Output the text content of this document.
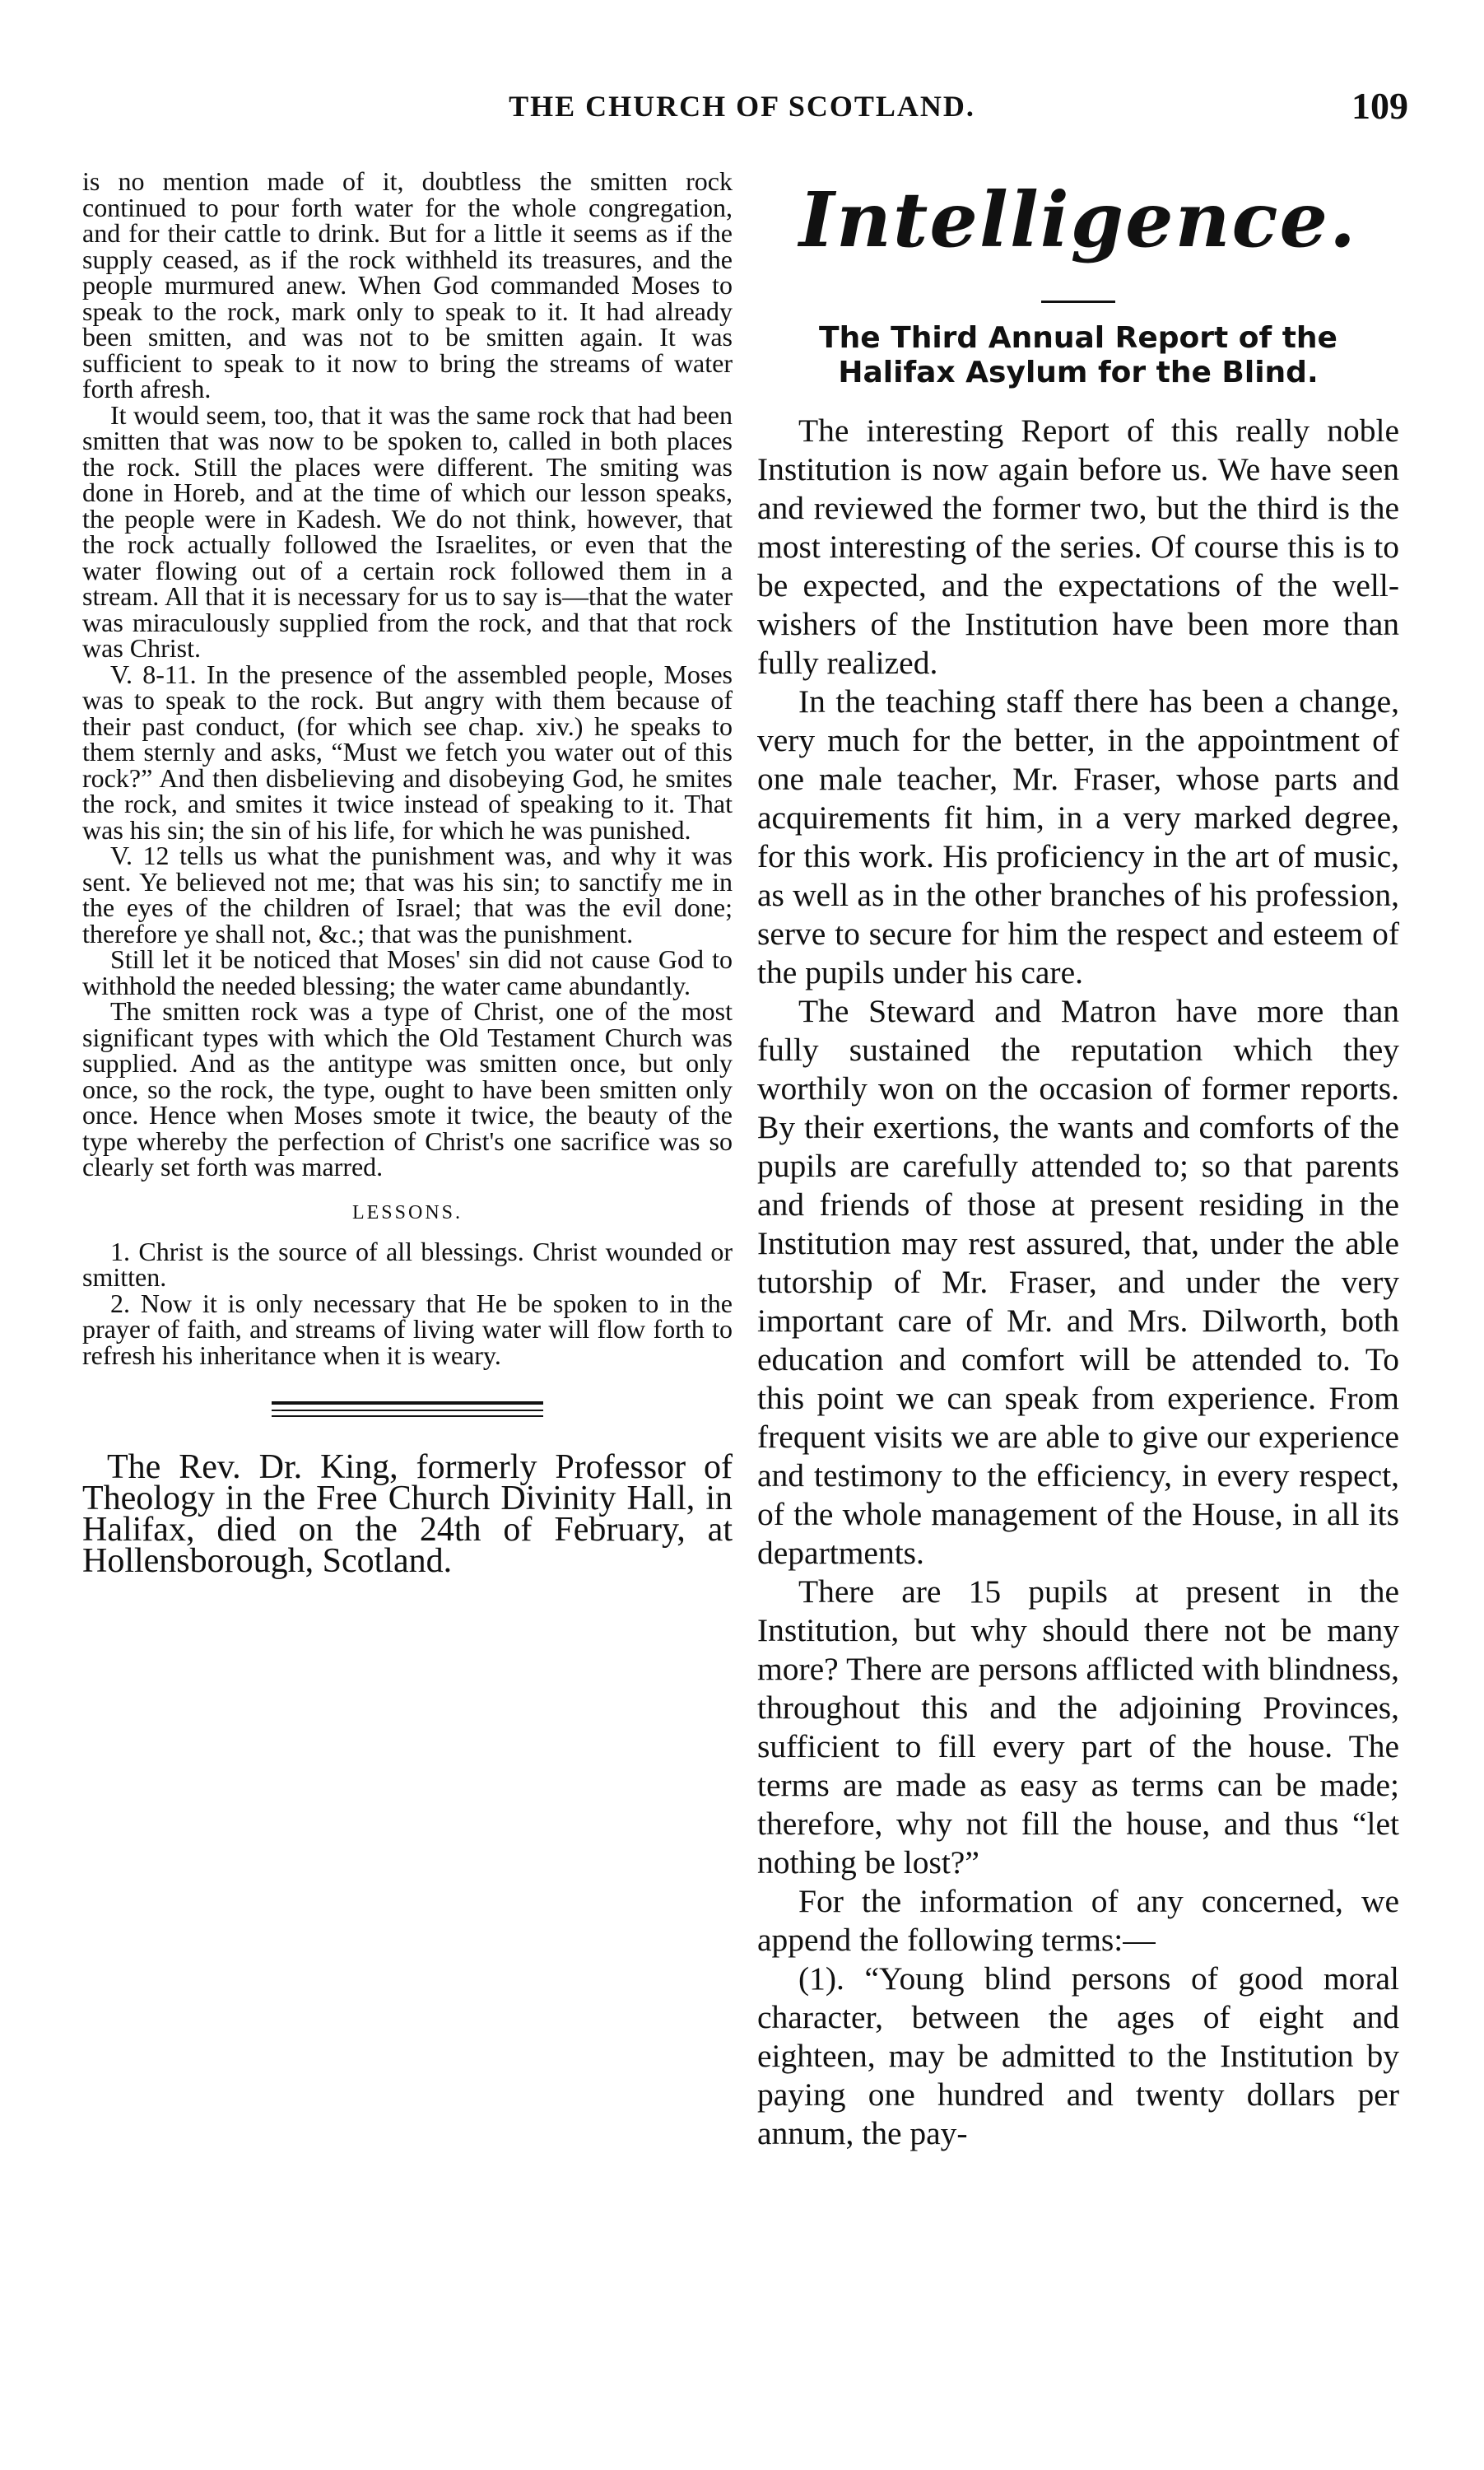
THE CHURCH OF SCOTLAND.	109

is no mention made of it, doubtless the smitten rock continued to pour forth water for the whole congregation, and for their cattle to drink. But for a little it seems as if the supply ceased, as if the rock withheld its treasures, and the people murmured anew. When God commanded Moses to speak to the rock, mark only to speak to it. It had already been smitten, and was not to be smitten again. It was sufficient to speak to it now to bring the streams of water forth afresh.

It would seem, too, that it was the same rock that had been smitten that was now to be spoken to, called in both places the rock. Still the places were different. The smiting was done in Horeb, and at the time of which our lesson speaks, the people were in Kadesh. We do not think, however, that the rock actually followed the Israelites, or even that the water flowing out of a certain rock followed them in a stream. All that it is necessary for us to say is—that the water was miraculously supplied from the rock, and that that rock was Christ.

V. 8-11. In the presence of the assembled people, Moses was to speak to the rock. But angry with them because of their past conduct, (for which see chap. xiv.) he speaks to them sternly and asks, “Must we fetch you water out of this rock?” And then disbelieving and disobeying God, he smites the rock, and smites it twice instead of speaking to it. That was his sin; the sin of his life, for which he was punished.

V. 12 tells us what the punishment was, and why it was sent. Ye believed not me; that was his sin; to sanctify me in the eyes of the children of Israel; that was the evil done; therefore ye shall not, &c.; that was the punishment.

Still let it be noticed that Moses' sin did not cause God to withhold the needed blessing; the water came abundantly.

The smitten rock was a type of Christ, one of the most significant types with which the Old Testament Church was supplied. And as the antitype was smitten once, but only once, so the rock, the type, ought to have been smitten only once. Hence when Moses smote it twice, the beauty of the type whereby the perfection of Christ's one sacrifice was so clearly set forth was marred.

LESSONS.

1. Christ is the source of all blessings. Christ wounded or smitten.

2. Now it is only necessary that He be spoken to in the prayer of faith, and streams of living water will flow forth to refresh his inheritance when it is weary.

The Rev. Dr. King, formerly Professor of Theology in the Free Church Divinity Hall, in Halifax, died on the 24th of February, at Hollensborough, Scotland.

Intelligence.
The Third Annual Report of the Halifax Asylum for the Blind.

The interesting Report of this really noble Institution is now again before us. We have seen and reviewed the former two, but the third is the most interesting of the series. Of course this is to be expected, and the expectations of the well-wishers of the Institution have been more than fully realized.

In the teaching staff there has been a change, very much for the better, in the appointment of one male teacher, Mr. Fraser, whose parts and acquirements fit him, in a very marked degree, for this work. His proficiency in the art of music, as well as in the other branches of his profession, serve to secure for him the respect and esteem of the pupils under his care.

The Steward and Matron have more than fully sustained the reputation which they worthily won on the occasion of former reports. By their exertions, the wants and comforts of the pupils are carefully attended to; so that parents and friends of those at present residing in the Institution may rest assured, that, under the able tutorship of Mr. Fraser, and under the very important care of Mr. and Mrs. Dilworth, both education and comfort will be attended to. To this point we can speak from experience. From frequent visits we are able to give our experience and testimony to the efficiency, in every respect, of the whole management of the House, in all its departments.

There are 15 pupils at present in the Institution, but why should there not be many more? There are persons afflicted with blindness, throughout this and the adjoining Provinces, sufficient to fill every part of the house. The terms are made as easy as terms can be made; therefore, why not fill the house, and thus “let nothing be lost?”

For the information of any concerned, we append the following terms:—

(1). “Young blind persons of good moral character, between the ages of eight and eighteen, may be admitted to the Institution by paying one hundred and twenty dollars per annum, the pay-
